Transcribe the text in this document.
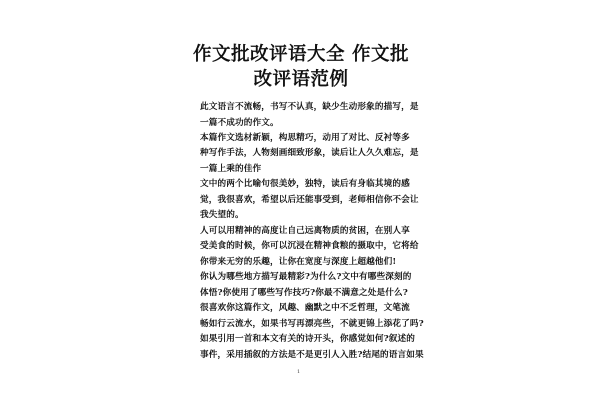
作文批改评语大全 作文批
改评语范例
此文语言不流畅，书写不认真，缺少生动形象的描写，是
一篇不成功的作文。
本篇作文选材新颖，构思精巧，动用了对比、反衬等多
种写作手法，人物刻画细致形象，读后让人久久难忘，是
一篇上乘的佳作
文中的两个比喻句很美妙，独特，读后有身临其境的感
觉，我很喜欢，希望以后还能事受到，老师相信你不会让
我失望的。
人可以用精神的高度让自己远离物质的贫困，在别人享
受美食的时候，你可以沉浸在精神食粮的摄取中，它将给
你带来无穷的乐趣，让你在宽度与深度上超越他们!
你认为哪些地方描写最精彩?为什么?文中有哪些深刻的
体悟?你使用了哪些写作技巧?你最不满意之处是什么?
很喜欢你这篇作文，风趣、幽默之中不乏哲理，文笔流
畅如行云流水，如果书写再漂亮些，不就更锦上添花了吗?
如果引用一首和本文有关的诗开头，你感觉如何?叙述的
事件，采用插叙的方法是不是更引人入胜?结尾的语言如果
1
